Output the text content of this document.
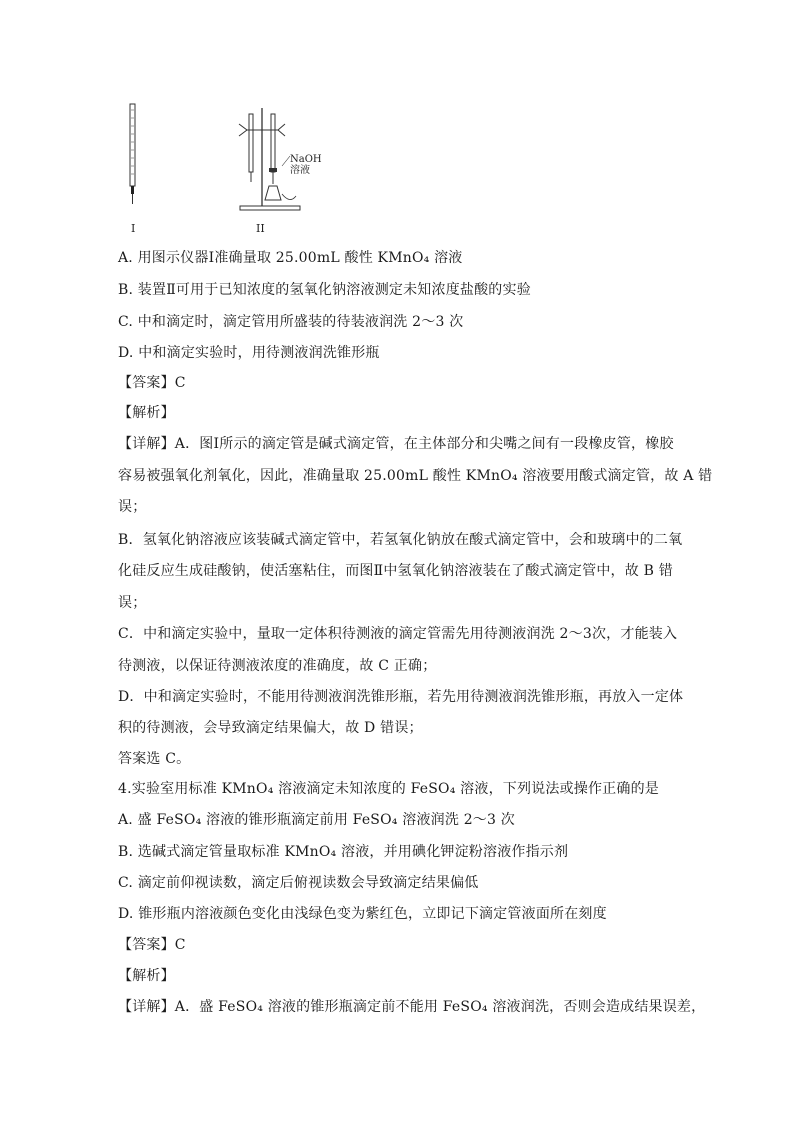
I	II
NaOH
溶液
A. 用图示仪器Ⅰ准确量取 25.00mL 酸性 KMnO₄ 溶液
B. 装置Ⅱ可用于已知浓度的氢氧化钠溶液测定未知浓度盐酸的实验
C. 中和滴定时，滴定管用所盛装的待装液润洗 2～3 次
D. 中和滴定实验时，用待测液润洗锥形瓶
【答案】C
【解析】
【详解】A．图Ⅰ所示的滴定管是碱式滴定管，在主体部分和尖嘴之间有一段橡皮管，橡胶
容易被强氧化剂氧化，因此，准确量取 25.00mL 酸性 KMnO₄ 溶液要用酸式滴定管，故 A 错
误；
B．氢氧化钠溶液应该装碱式滴定管中，若氢氧化钠放在酸式滴定管中，会和玻璃中的二氧
化硅反应生成硅酸钠，使活塞粘住，而图Ⅱ中氢氧化钠溶液装在了酸式滴定管中，故 B 错
误；
C．中和滴定实验中，量取一定体积待测液的滴定管需先用待测液润洗 2～3次，才能装入
待测液，以保证待测液浓度的准确度，故 C 正确；
D．中和滴定实验时，不能用待测液润洗锥形瓶，若先用待测液润洗锥形瓶，再放入一定体
积的待测液，会导致滴定结果偏大，故 D 错误；
答案选 C。
4.实验室用标准 KMnO₄ 溶液滴定未知浓度的 FeSO₄ 溶液，下列说法或操作正确的是
A. 盛 FeSO₄ 溶液的锥形瓶滴定前用 FeSO₄ 溶液润洗 2～3 次
B. 选碱式滴定管量取标准 KMnO₄ 溶液，并用碘化钾淀粉溶液作指示剂
C. 滴定前仰视读数，滴定后俯视读数会导致滴定结果偏低
D. 锥形瓶内溶液颜色变化由浅绿色变为紫红色，立即记下滴定管液面所在刻度
【答案】C
【解析】
【详解】A．盛 FeSO₄ 溶液的锥形瓶滴定前不能用 FeSO₄ 溶液润洗，否则会造成结果误差，
